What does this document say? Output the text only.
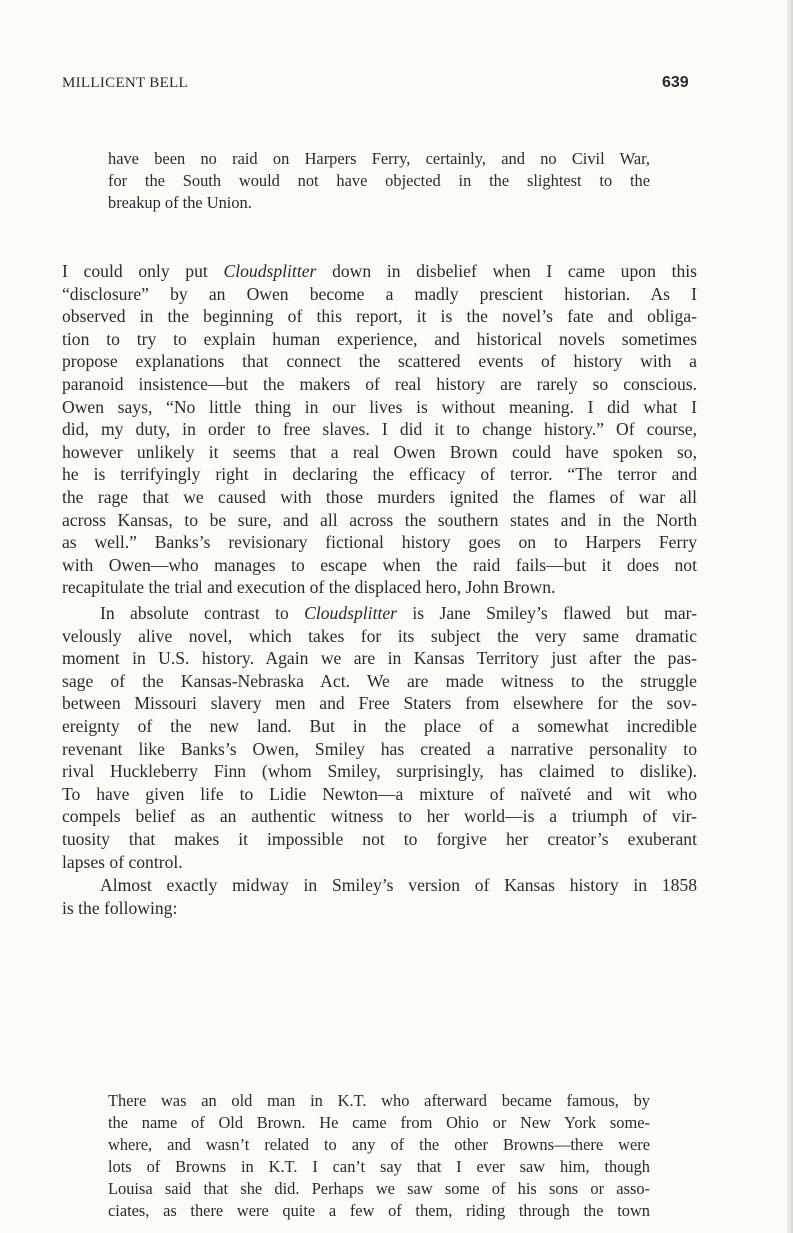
MILLICENT BELL	639
have been no raid on Harpers Ferry, certainly, and no Civil War,
for the South would not have objected in the slightest to the
breakup of the Union.
I could only put Cloudsplitter down in disbelief when I came upon this
“disclosure” by an Owen become a madly prescient historian. As I
observed in the beginning of this report, it is the novel’s fate and obliga-
tion to try to explain human experience, and historical novels sometimes
propose explanations that connect the scattered events of history with a
paranoid insistence—but the makers of real history are rarely so conscious.
Owen says, “No little thing in our lives is without meaning. I did what I
did, my duty, in order to free slaves. I did it to change history.” Of course,
however unlikely it seems that a real Owen Brown could have spoken so,
he is terrifyingly right in declaring the efficacy of terror. “The terror and
the rage that we caused with those murders ignited the flames of war all
across Kansas, to be sure, and all across the southern states and in the North
as well.” Banks’s revisionary fictional history goes on to Harpers Ferry
with Owen—who manages to escape when the raid fails—but it does not
recapitulate the trial and execution of the displaced hero, John Brown.
In absolute contrast to Cloudsplitter is Jane Smiley’s flawed but mar-
velously alive novel, which takes for its subject the very same dramatic
moment in U.S. history. Again we are in Kansas Territory just after the pas-
sage of the Kansas-Nebraska Act. We are made witness to the struggle
between Missouri slavery men and Free Staters from elsewhere for the sov-
ereignty of the new land. But in the place of a somewhat incredible
revenant like Banks’s Owen, Smiley has created a narrative personality to
rival Huckleberry Finn (whom Smiley, surprisingly, has claimed to dislike).
To have given life to Lidie Newton—a mixture of naïveté and wit who
compels belief as an authentic witness to her world—is a triumph of vir-
tuosity that makes it impossible not to forgive her creator’s exuberant
lapses of control.
Almost exactly midway in Smiley’s version of Kansas history in 1858
is the following:
There was an old man in K.T. who afterward became famous, by
the name of Old Brown. He came from Ohio or New York some-
where, and wasn’t related to any of the other Browns—there were
lots of Browns in K.T. I can’t say that I ever saw him, though
Louisa said that she did. Perhaps we saw some of his sons or asso-
ciates, as there were quite a few of them, riding through the town
